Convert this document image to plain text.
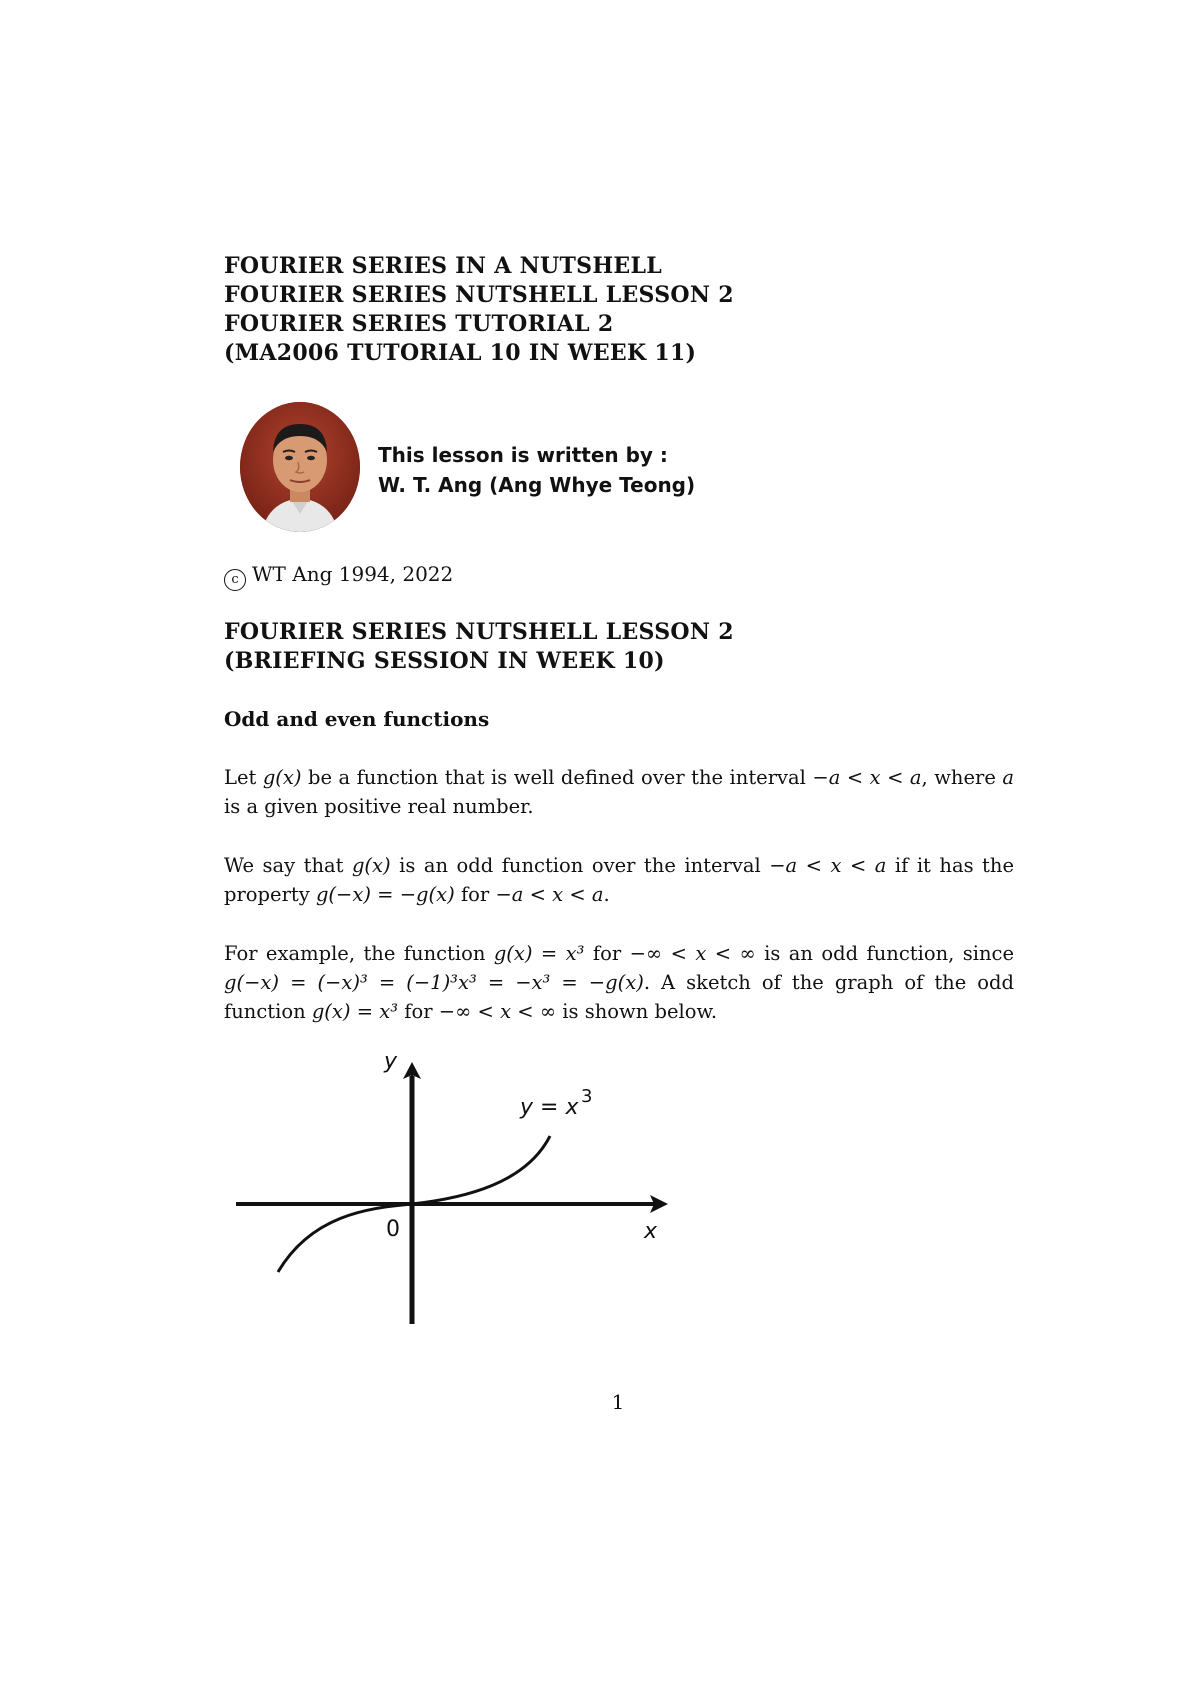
FOURIER SERIES IN A NUTSHELL
FOURIER SERIES NUTSHELL LESSON 2
FOURIER SERIES TUTORIAL 2
(MA2006 TUTORIAL 10 IN WEEK 11)
This lesson is written by :
W. T. Ang (Ang Whye Teong)
c WT Ang 1994, 2022
FOURIER SERIES NUTSHELL LESSON 2
(BRIEFING SESSION IN WEEK 10)
Odd and even functions
Let g(x) be a function that is well defined over the interval −a < x < a, where a is a given positive real number.
We say that g(x) is an odd function over the interval −a < x < a if it has the property g(−x) = −g(x) for −a < x < a.
For example, the function g(x) = x³ for −∞ < x < ∞ is an odd function, since g(−x) = (−x)³ = (−1)³x³ = −x³ = −g(x). A sketch of the graph of the odd function g(x) = x³ for −∞ < x < ∞ is shown below.
y
x
0
y = x 3
1
